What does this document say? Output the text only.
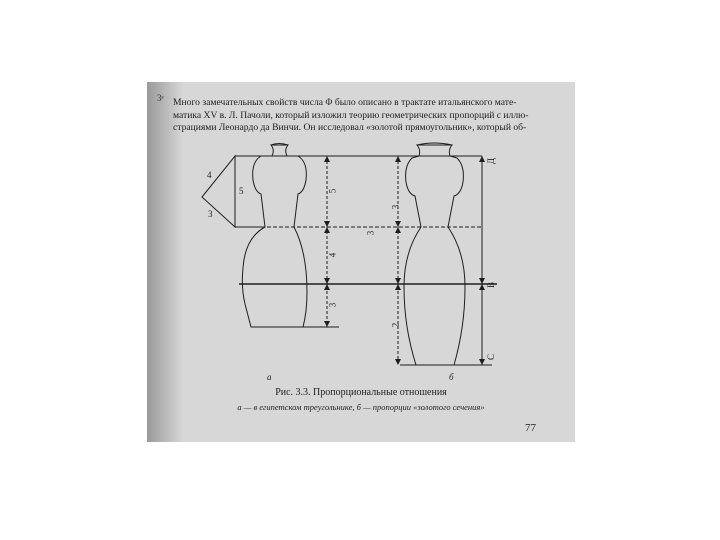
3ᵉ Много замечательных свойств числа Φ было описано в трактате итальянского мате-
матика XV в. Л. Пачоли, который изложил теорию геометрических пропорций с иллю-
страциями Леонардо да Винчи. Он исследовал «золотой прямоугольник», который об-
4
5
3
5
4
3
3
2
3
Д
В
С
а	б
Рис. 3.3. Пропорциональные отношения
а — в египетском треугольнике, б — пропорции «золотого сечения»
77
